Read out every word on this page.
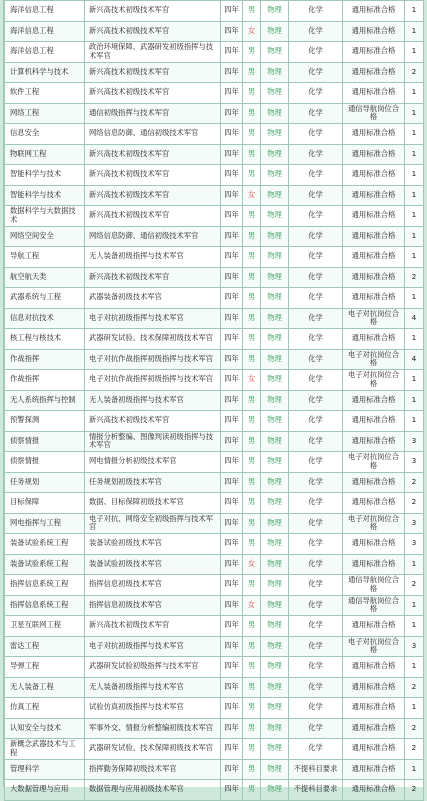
海洋信息工程	新兴高技术初级技术军官	四年	男	物理	化学	通用标准合格	1
海洋信息工程	新兴高技术初级技术军官	四年	女	物理	化学	通用标准合格	1
海洋信息工程	政治环境保障、武器研发初级指挥与技术军官	四年	男	物理	化学	通用标准合格	1
计算机科学与技术	新兴高技术初级技术军官	四年	男	物理	化学	通用标准合格	2
软件工程	新兴高技术初级技术军官	四年	男	物理	化学	通用标准合格	1
网络工程	通信初级指挥与技术军官	四年	男	物理	化学	通信导航岗位合格	1
信息安全	网络信息防御、通信初级技术军官	四年	男	物理	化学	通用标准合格	1
物联网工程	新兴高技术初级技术军官	四年	男	物理	化学	通用标准合格	1
智能科学与技术	新兴高技术初级技术军官	四年	男	物理	化学	通用标准合格	1
智能科学与技术	新兴高技术初级技术军官	四年	女	物理	化学	通用标准合格	1
数据科学与大数据技术	新兴高技术初级技术军官	四年	男	物理	化学	通用标准合格	1
网络空间安全	网络信息防御、通信初级技术军官	四年	男	物理	化学	通用标准合格	1
导航工程	无人装备初级指挥与技术军官	四年	男	物理	化学	通用标准合格	1
航空航天类	新兴高技术初级技术军官	四年	男	物理	化学	通用标准合格	2
武器系统与工程	武器装备初级技术军官	四年	男	物理	化学	通用标准合格	1
信息对抗技术	电子对抗初级指挥与技术军官	四年	男	物理	化学	电子对抗岗位合格	4
核工程与核技术	武器研发试验、技术保障初级技术军官	四年	男	物理	化学	通用标准合格	1
作战指挥	电子对抗作战指挥初级指挥与技术军官	四年	男	物理	化学	电子对抗岗位合格	4
作战指挥	电子对抗作战指挥初级指挥与技术军官	四年	女	物理	化学	电子对抗岗位合格	1
无人系统指挥与控制	无人装备初级指挥与技术军官	四年	男	物理	化学	通用标准合格	1
预警探测	新兴高技术初级技术军官	四年	男	物理	化学	通用标准合格	1
侦察情报	情报分析整编、图像判读初级指挥与技术军官	四年	男	物理	化学	通用标准合格	3
侦察情报	网电情报分析初级技术军官	四年	男	物理	化学	电子对抗岗位合格	3
任务规划	任务规划初级技术军官	四年	男	物理	化学	通用标准合格	2
目标保障	数据、目标保障初级技术军官	四年	男	物理	化学	通用标准合格	2
网电指挥与工程	电子对抗、网络安全初级指挥与技术军官	四年	男	物理	化学	电子对抗岗位合格	3
装备试验系统工程	装备试验初级技术军官	四年	男	物理	化学	通用标准合格	3
装备试验系统工程	装备试验初级技术军官	四年	女	物理	化学	通用标准合格	1
指挥信息系统工程	指挥信息初级技术军官	四年	男	物理	化学	通信导航岗位合格	2
指挥信息系统工程	指挥信息初级技术军官	四年	女	物理	化学	通信导航岗位合格	1
卫星互联网工程	新兴高技术初级技术军官	四年	男	物理	化学	通用标准合格	1
雷达工程	电子对抗初级指挥与技术军官	四年	男	物理	化学	电子对抗岗位合格	3
导弹工程	武器研发试验初级指挥与技术军官	四年	男	物理	化学	通用标准合格	1
无人装备工程	无人装备初级指挥与技术军官	四年	男	物理	化学	通用标准合格	2
仿真工程	试验仿真初级指挥与技术军官	四年	男	物理	化学	通用标准合格	1
认知安全与技术	军事外交、情报分析整编初级技术军官	四年	男	物理	化学	通用标准合格	2
新概念武器技术与工程	武器研发试验、技术保障初级技术军官	四年	男	物理	化学	通用标准合格	2
管理科学	指挥勤务保障初级技术军官	四年	男	物理	不提科目要求	通用标准合格	1
大数据管理与应用	数据管理与应用初级技术军官	四年	男	物理	不提科目要求	通用标准合格	2
